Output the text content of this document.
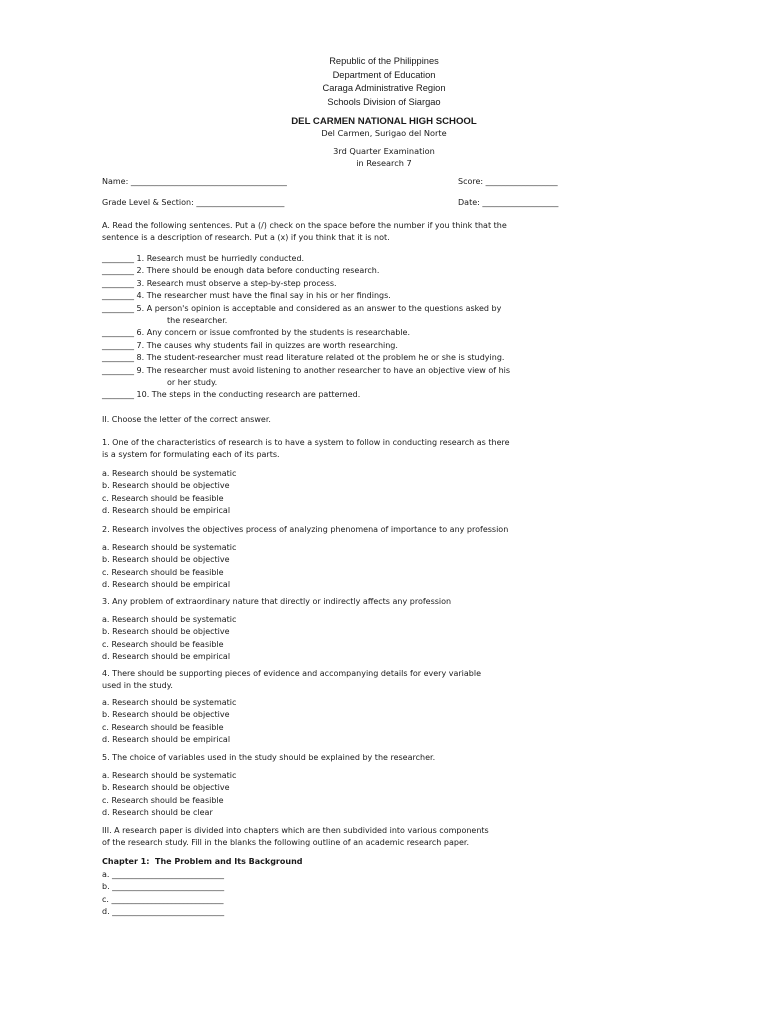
Republic of the Philippines
Department of Education
Caraga Administrative Region
Schools Division of Siargao
DEL CARMEN NATIONAL HIGH SCHOOL
Del Carmen, Surigao del Norte
3rd Quarter Examination
in Research 7
Name: _______________________________________	Score: __________________
Grade Level & Section: ______________________	Date: ___________________
A. Read the following sentences. Put a (/) check on the space before the number if you think that the
sentence is a description of research. Put a (x) if you think that it is not.
________ 1. Research must be hurriedly conducted.
________ 2. There should be enough data before conducting research.
________ 3. Research must observe a step-by-step process.
________ 4. The researcher must have the final say in his or her findings.
________ 5. A person's opinion is acceptable and considered as an answer to the questions asked by
the researcher.
________ 6. Any concern or issue comfronted by the students is researchable.
________ 7. The causes why students fail in quizzes are worth researching.
________ 8. The student-researcher must read literature related ot the problem he or she is studying.
________ 9. The researcher must avoid listening to another researcher to have an objective view of his
or her study.
________ 10. The steps in the conducting research are patterned.
II. Choose the letter of the correct answer.
1. One of the characteristics of research is to have a system to follow in conducting research as there
is a system for formulating each of its parts.
a. Research should be systematic
b. Research should be objective
c. Research should be feasible
d. Research should be empirical
2. Research involves the objectives process of analyzing phenomena of importance to any profession
a. Research should be systematic
b. Research should be objective
c. Research should be feasible
d. Research should be empirical
3. Any problem of extraordinary nature that directly or indirectly affects any profession
a. Research should be systematic
b. Research should be objective
c. Research should be feasible
d. Research should be empirical
4. There should be supporting pieces of evidence and accompanying details for every variable
used in the study.
a. Research should be systematic
b. Research should be objective
c. Research should be feasible
d. Research should be empirical
5. The choice of variables used in the study should be explained by the researcher.
a. Research should be systematic
b. Research should be objective
c. Research should be feasible
d. Research should be clear
III. A research paper is divided into chapters which are then subdivided into various components
of the research study. Fill in the blanks the following outline of an academic research paper.
Chapter 1:  The Problem and Its Background
a. ____________________________
b. ____________________________
c. ____________________________
d. ____________________________
